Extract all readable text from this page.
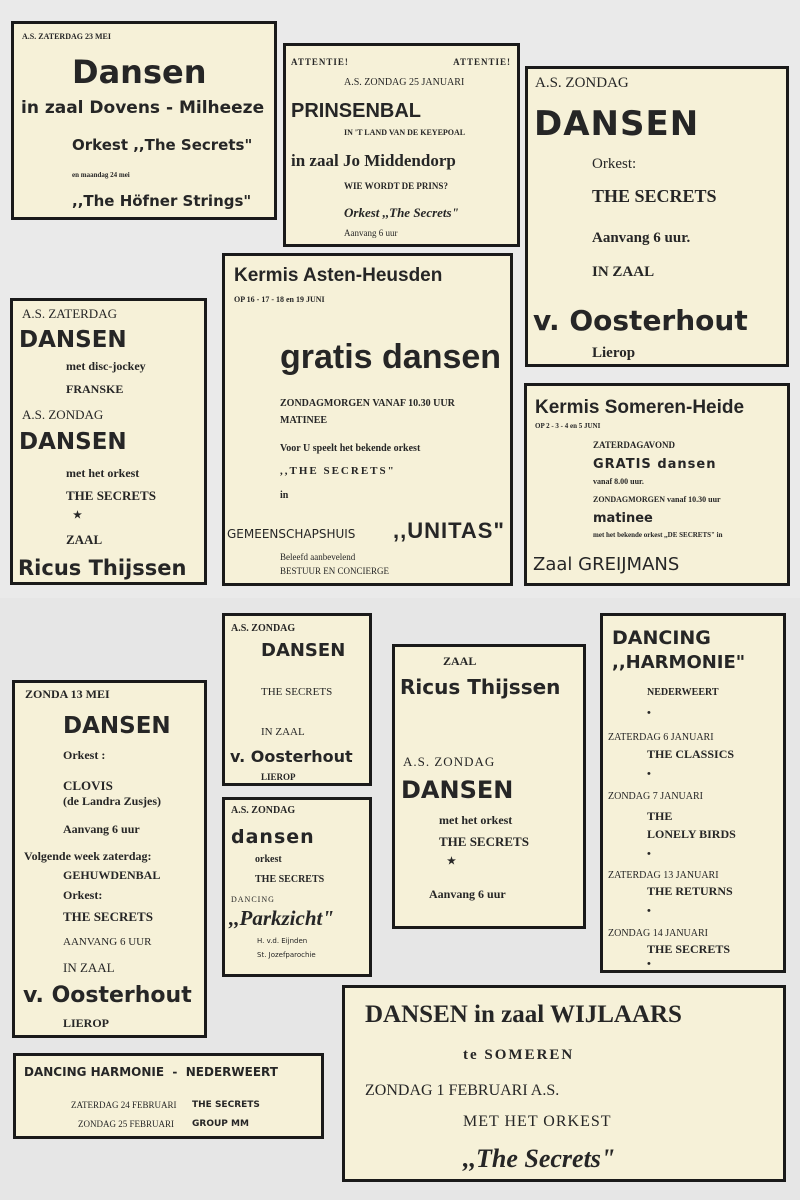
A.S. ZATERDAG 23 MEI
Dansen
in zaal Dovens - Milheeze
Orkest ,,The Secrets"
en maandag 24 mei
,,The Höfner Strings"
ATTENTIE!	ATTENTIE!
A.S. ZONDAG 25 JANUARI
PRINSENBAL
IN 'T LAND VAN DE KEYEPOAL
in zaal Jo Middendorp
WIE WORDT DE PRINS?
Orkest ,,The Secrets"
Aanvang 6 uur
A.S. ZONDAG
DANSEN
Orkest:
THE SECRETS
Aanvang 6 uur.
IN ZAAL
v. Oosterhout
Lierop
A.S. ZATERDAG
DANSEN
met disc-jockey
FRANSKE
A.S. ZONDAG
DANSEN
met het orkest
THE SECRETS
★
ZAAL
Ricus Thijssen
Kermis Asten-Heusden
OP 16 - 17 - 18 en 19 JUNI
gratis dansen
ZONDAGMORGEN VANAF 10.30 UUR
MATINEE
Voor U speelt het bekende orkest
,,THE SECRETS"
in
GEMEENSCHAPSHUIS ,,UNITAS"
Beleefd aanbevelend
BESTUUR EN CONCIERGE
Kermis Someren-Heide
OP 2 - 3 - 4 en 5 JUNI
ZATERDAGAVOND
GRATIS dansen
vanaf 8.00 uur.
ZONDAGMORGEN vanaf 10.30 uur
matinee
met het bekende orkest ,,DE SECRETS" in
Zaal GREIJMANS
ZONDA 13 MEI
DANSEN
Orkest :
CLOVIS
(de Landra Zusjes)
Aanvang 6 uur
Volgende week zaterdag:
GEHUWDENBAL
Orkest:
THE SECRETS
AANVANG 6 UUR
IN ZAAL
v. Oosterhout
LIEROP
A.S. ZONDAG
DANSEN
THE SECRETS
IN ZAAL
v. Oosterhout
LIEROP
A.S. ZONDAG
dansen
orkest
THE SECRETS
DANCING
,,Parkzicht"
H. v.d. Eijnden
St. Jozefparochie
ZAAL
Ricus Thijssen
A.S. ZONDAG
DANSEN
met het orkest
THE SECRETS
★
Aanvang 6 uur
DANCING
,,HARMONIE"
NEDERWEERT
•
ZATERDAG 6 JANUARI
THE CLASSICS
•
ZONDAG 7 JANUARI
THE
LONELY BIRDS
•
ZATERDAG 13 JANUARI
THE RETURNS
•
ZONDAG 14 JANUARI
THE SECRETS
•
DANCING HARMONIE  -  NEDERWEERT
ZATERDAG 24 FEBRUARI THE SECRETS
ZONDAG 25 FEBRUARI GROUP MM
DANSEN in zaal WIJLAARS
te SOMEREN
ZONDAG 1 FEBRUARI A.S.
MET HET ORKEST
,,The Secrets"
